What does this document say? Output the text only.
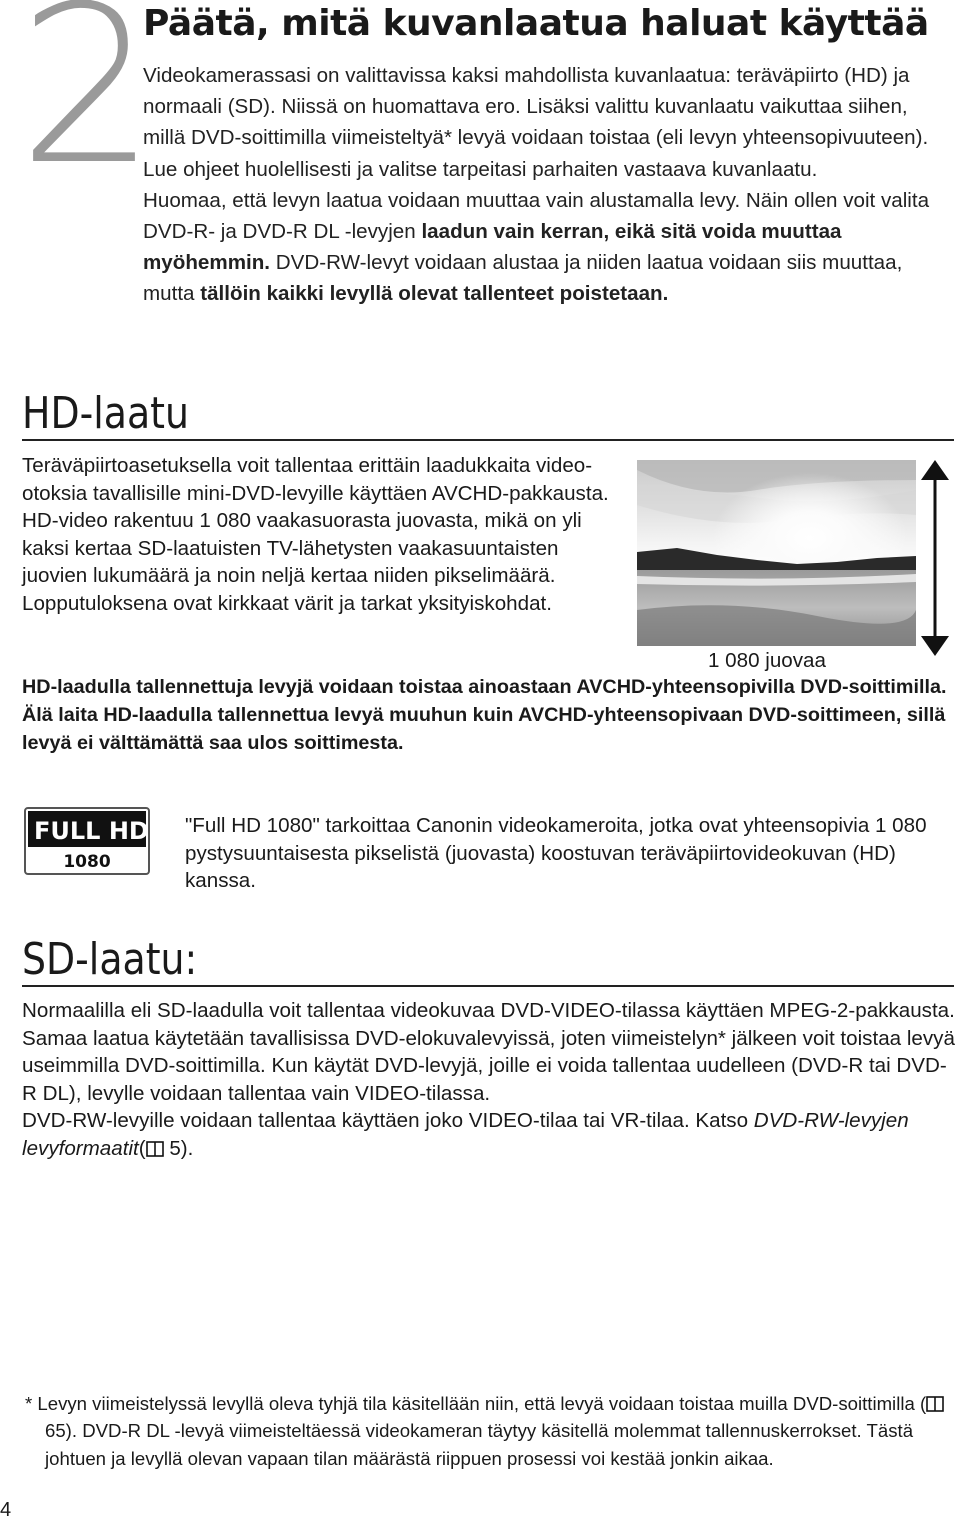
2
Päätä, mitä kuvanlaatua haluat käyttää

Videokamerassasi on valittavissa kaksi mahdollista kuvanlaatua: teräväpiirto (HD) ja normaali (SD). Niissä on huomattava ero. Lisäksi valittu kuvanlaatu vaikuttaa siihen, millä DVD-soittimilla viimeisteltyä* levyä voidaan toistaa (eli levyn yhteensopivuuteen). Lue ohjeet huolellisesti ja valitse tarpeitasi parhaiten vastaava kuvanlaatu.

Huomaa, että levyn laatua voidaan muuttaa vain alustamalla levy. Näin ollen voit valita DVD-R- ja DVD-R DL -levyjen laadun vain kerran, eikä sitä voida muuttaa myöhemmin. DVD-RW-levyt voidaan alustaa ja niiden laatua voidaan siis muuttaa, mutta tällöin kaikki levyllä olevat tallenteet poistetaan.

HD-laatu

Teräväpiirtoasetuksella voit tallentaa erittäin laadukkaita video-otoksia tavallisille mini-DVD-levyille käyttäen AVCHD-pakkausta. HD-video rakentuu 1 080 vaakasuorasta juovasta, mikä on yli kaksi kertaa SD-laatuisten TV-lähetysten vaakasuuntaisten juovien lukumäärä ja noin neljä kertaa niiden pikselimäärä. Lopputuloksena ovat kirkkaat värit ja tarkat yksityiskohdat.

1 080 juovaa
HD-laadulla tallennettuja levyjä voidaan toistaa ainoastaan AVCHD-yhteensopivilla DVD-soittimilla. Älä laita HD-laadulla tallennettua levyä muuhun kuin AVCHD-yhteensopivaan DVD-soittimeen, sillä levyä ei välttämättä saa ulos soittimesta.
FULL HD
1080
"Full HD 1080" tarkoittaa Canonin videokameroita, jotka ovat yhteensopivia 1 080 pystysuuntaisesta pikselistä (juovasta) koostuvan teräväpiirtovideokuvan (HD) kanssa.
SD-laatu:

Normaalilla eli SD-laadulla voit tallentaa videokuvaa DVD-VIDEO-tilassa käyttäen MPEG-2-pakkausta. Samaa laatua käytetään tavallisissa DVD-elokuvalevyissä, joten viimeistelyn* jälkeen voit toistaa levyä useimmilla DVD-soittimilla. Kun käytät DVD-levyjä, joille ei voida tallentaa uudelleen (DVD-R tai DVD-R DL), levylle voidaan tallentaa vain VIDEO-tilassa.

DVD-RW-levyille voidaan tallentaa käyttäen joko VIDEO-tilaa tai VR-tilaa. Katso DVD-RW-levyjen levyformaatit( 5).

* Levyn viimeistelyssä levyllä oleva tyhjä tila käsitellään niin, että levyä voidaan toistaa muilla DVD-soittimilla ( 65). DVD-R DL -levyä viimeisteltäessä videokameran täytyy käsitellä molemmat tallennuskerrokset. Tästä johtuen ja levyllä olevan vapaan tilan määrästä riippuen prosessi voi kestää jonkin aikaa.
4
